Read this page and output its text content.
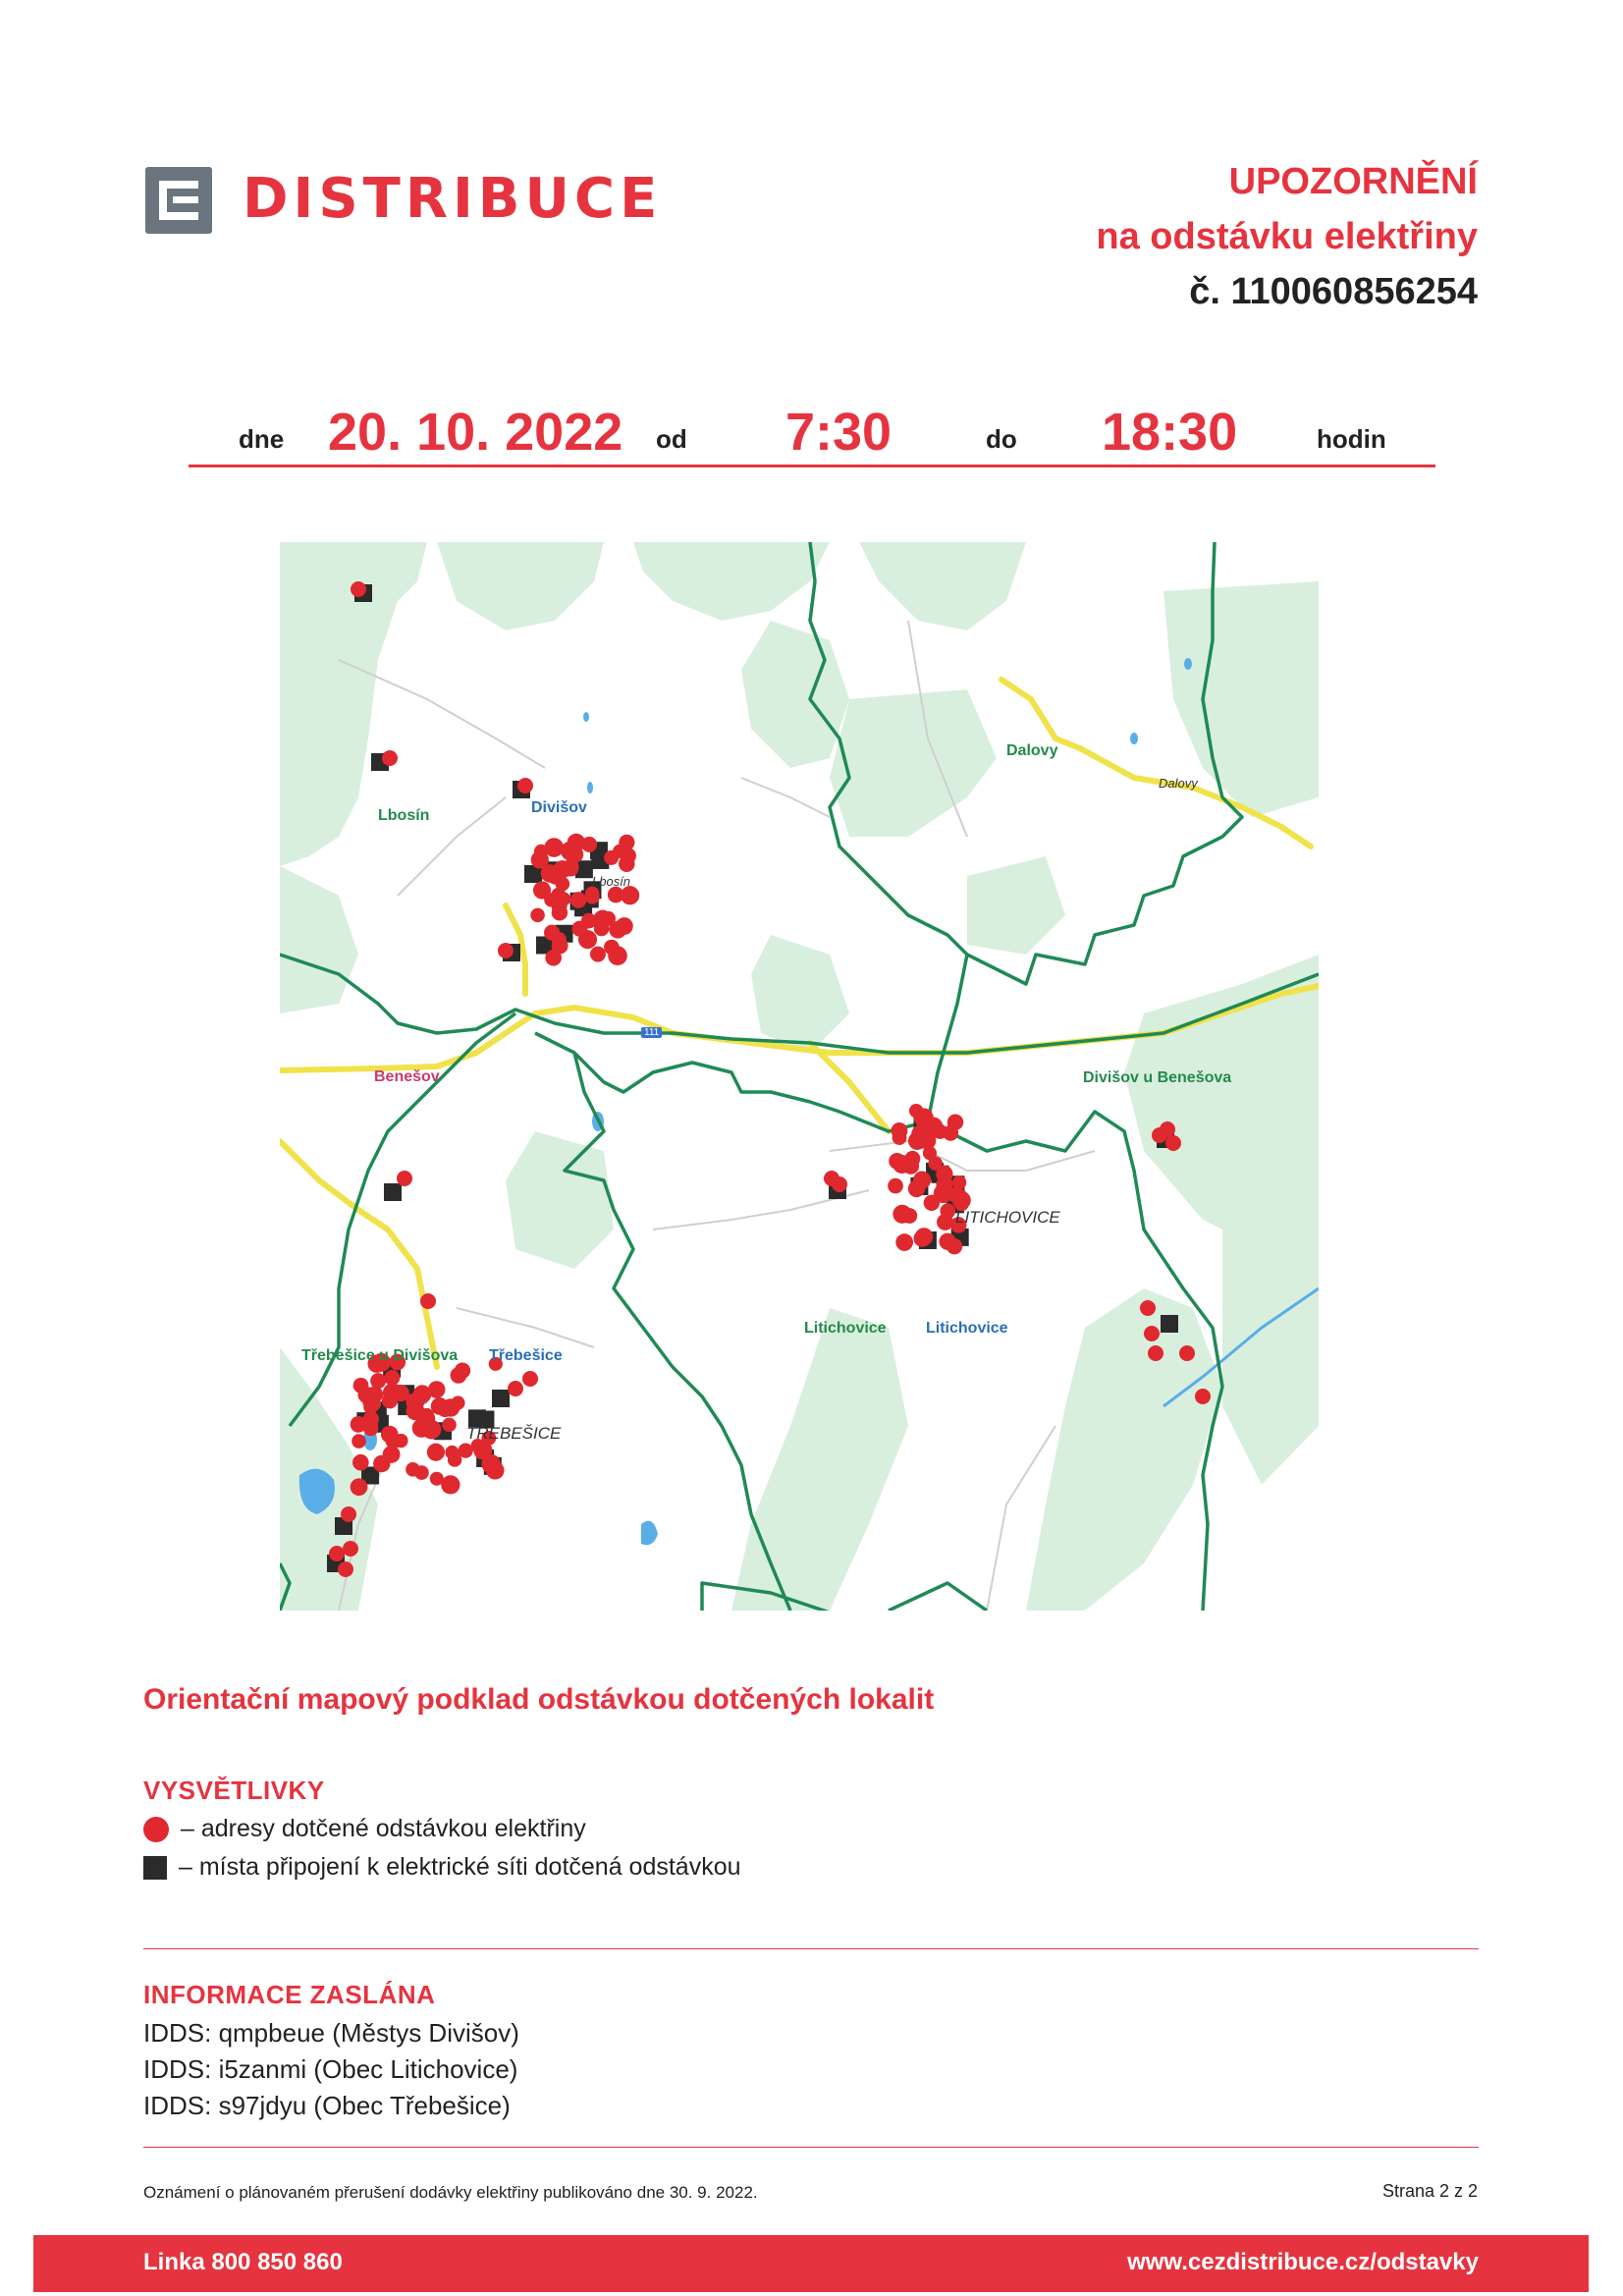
DISTRIBUCE	UPOZORNĚNÍ
na odstávku elektřiny
č. 110060856254
dne 20. 10. 2022 od 7:30	do 18:30	hodin
Lbosín	Divišov
Lbosín
Dalovy
Dalovy
Benešov	Divišov u Benešova
LITICHOVICE
Litichovice	Litichovice
Třebešice u Divišova Třebešice
TŘEBEŠICE
111
Orientační mapový podklad odstávkou dotčených lokalit
VYSVĚTLIVKY
– adresy dotčené odstávkou elektřiny
– místa připojení k elektrické síti dotčená odstávkou
INFORMACE ZASLÁNA
IDDS: qmpbeue (Městys Divišov)
IDDS: i5zanmi (Obec Litichovice)
IDDS: s97jdyu (Obec Třebešice)
Oznámení o plánovaném přerušení dodávky elektřiny publikováno dne 30. 9. 2022.	Strana 2 z 2
Linka 800 850 860	www.cezdistribuce.cz/odstavky
